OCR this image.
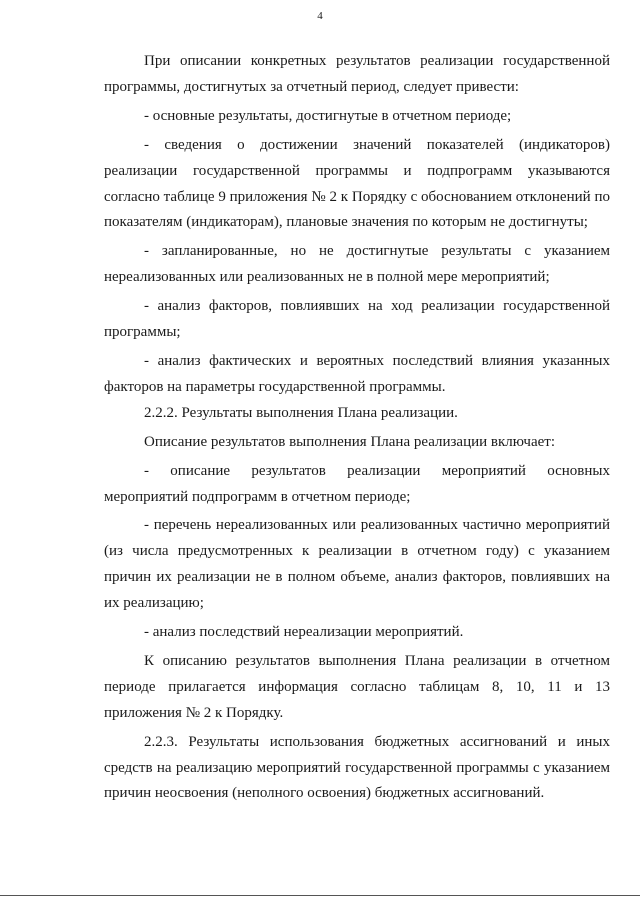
4

При описании конкретных результатов реализации государственной программы, достигнутых за отчетный период, следует привести:

- основные результаты, достигнутые в отчетном периоде;

- сведения о достижении значений показателей (индикаторов) реализации государственной программы и подпрограмм указываются согласно таблице 9 приложения № 2 к Порядку с обоснованием отклонений по показателям (индикаторам), плановые значения по которым не достигнуты;

- запланированные, но не достигнутые результаты с указанием нереализованных или реализованных не в полной мере мероприятий;

- анализ факторов, повлиявших на ход реализации государственной программы;

- анализ фактических и вероятных последствий влияния указанных факторов на параметры государственной программы.

2.2.2. Результаты выполнения Плана реализации.

Описание результатов выполнения Плана реализации включает:

- описание результатов реализации мероприятий основных мероприятий подпрограмм в отчетном периоде;

- перечень нереализованных или реализованных частично мероприятий (из числа предусмотренных к реализации в отчетном году) с указанием причин их реализации не в полном объеме, анализ факторов, повлиявших на их реализацию;

- анализ последствий нереализации мероприятий.

К описанию результатов выполнения Плана реализации в отчетном периоде прилагается информация согласно таблицам 8, 10, 11 и 13 приложения № 2 к Порядку.

2.2.3. Результаты использования бюджетных ассигнований и иных средств на реализацию мероприятий государственной программы с указанием причин неосвоения (неполного освоения) бюджетных ассигнований.
